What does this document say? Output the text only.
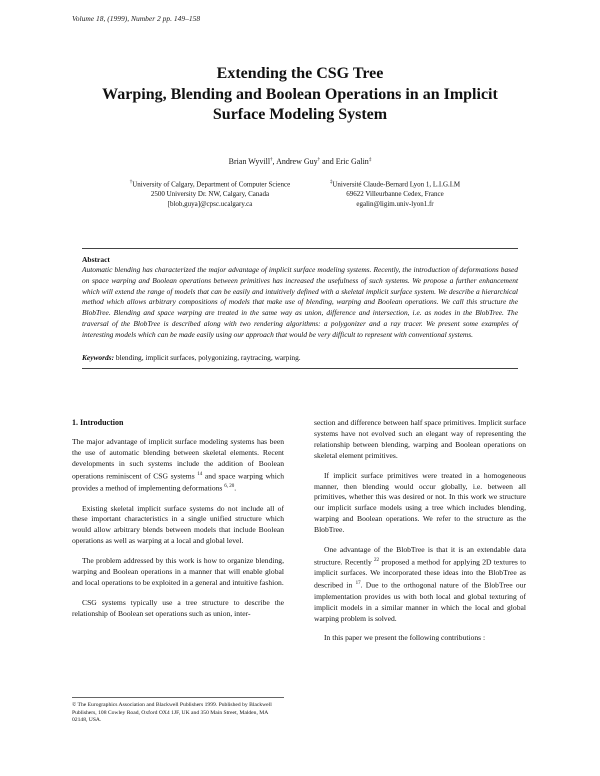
Volume 18, (1999), Number 2 pp. 149–158
Extending the CSG Tree
Warping, Blending and Boolean Operations in an Implicit
Surface Modeling System
Brian Wyvill†, Andrew Guy† and Eric Galin‡
†University of Calgary, Department of Computer Science
2500 University Dr. NW, Calgary, Canada
[blob,guya]@cpsc.ucalgary.ca
‡Université Claude-Bernard Lyon 1, L.I.G.I.M
69622 Villeurbanne Cedex, France
egalin@ligim.univ-lyon1.fr
Abstract
Automatic blending has characterized the major advantage of implicit surface modeling systems. Recently, the introduction of deformations based on space warping and Boolean operations between primitives has increased the usefulness of such systems. We propose a further enhancement which will extend the range of models that can be easily and intuitively defined with a skeletal implicit surface system. We describe a hierarchical method which allows arbitrary compositions of models that make use of blending, warping and Boolean operations. We call this structure the BlobTree. Blending and space warping are treated in the same way as union, difference and intersection, i.e. as nodes in the BlobTree. The traversal of the BlobTree is described along with two rendering algorithms: a polygonizer and a ray tracer. We present some examples of interesting models which can be made easily using our approach that would be very difficult to represent with conventional systems.
Keywords: blending, implicit surfaces, polygonizing, raytracing, warping.
1. Introduction

The major advantage of implicit surface modeling systems has been the use of automatic blending between skeletal elements. Recent developments in such systems include the addition of Boolean operations reminiscent of CSG systems $^{14}$ and space warping which provides a method of implementing deformations $^{6, 20}$.

Existing skeletal implicit surface systems do not include all of these important characteristics in a single unified structure which would allow arbitrary blends between models that include Boolean operations as well as warping at a local and global level.

The problem addressed by this work is how to organize blending, warping and Boolean operations in a manner that will enable global and local operations to be exploited in a general and intuitive fashion.

CSG systems typically use a tree structure to describe the relationship of Boolean set operations such as union, inter-

© The Eurographics Association and Blackwell Publishers 1999. Published by Blackwell Publishers, 108 Cowley Road, Oxford OX4 1JF, UK and 350 Main Street, Malden, MA 02148, USA.

section and difference between half space primitives. Implicit surface systems have not evolved such an elegant way of representing the relationship between blending, warping and Boolean operations on skeletal element primitives.

If implicit surface primitives were treated in a homogeneous manner, then blending would occur globally, i.e. between all primitives, whether this was desired or not. In this work we structure our implicit surface models using a tree which includes blending, warping and Boolean operations. We refer to the structure as the BlobTree.

One advantage of the BlobTree is that it is an extendable data structure. Recently $^{22}$ proposed a method for applying 2D textures to implicit surfaces. We incorporated these ideas into the BlobTree as described in $^{17}$. Due to the orthogonal nature of the BlobTree our implementation provides us with both local and global texturing of implicit models in a similar manner in which the local and global warping problem is solved.

In this paper we present the following contributions :
